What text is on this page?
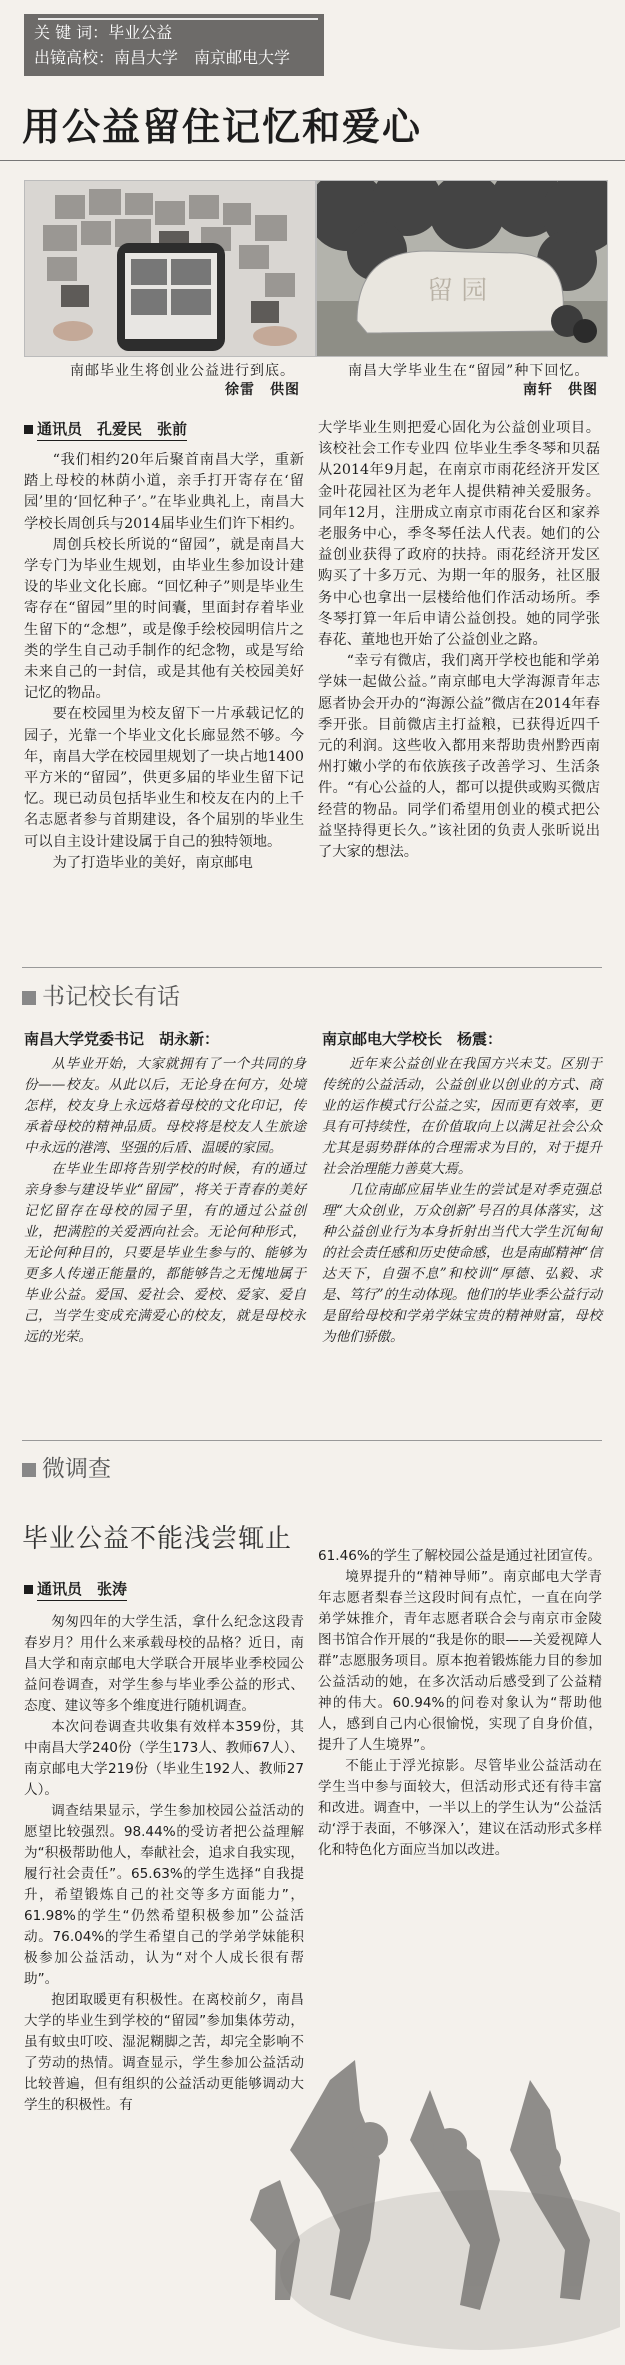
关 键 词：毕业公益
出镜高校：南昌大学　南京邮电大学
用公益留住记忆和爱心
留 园
南邮毕业生将创业公益进行到底。
徐雷　供图
南昌大学毕业生在“留园”种下回忆。
南轩　供图
通讯员　 孔爱民　张前

“我们相约20年后聚首南昌大学，重新踏上母校的林荫小道，亲手打开寄存在‘留园’里的‘回忆种子’。”在毕业典礼上，南昌大学校长周创兵与2014届毕业生们许下相约。

周创兵校长所说的“留园”，就是南昌大学专门为毕业生规划，由毕业生参加设计建设的毕业文化长廊。“回忆种子”则是毕业生寄存在“留园”里的时间囊，里面封存着毕业生留下的“念想”，或是像手绘校园明信片之类的学生自己动手制作的纪念物，或是写给未来自己的一封信，或是其他有关校园美好记忆的物品。

要在校园里为校友留下一片承载记忆的园子，光靠一个毕业文化长廊显然不够。今年，南昌大学在校园里规划了一块占地1400平方米的“留园”，供更多届的毕业生留下记忆。现已动员包括毕业生和校友在内的上千名志愿者参与首期建设，各个届别的毕业生可以自主设计建设属于自己的独特领地。

为了打造毕业的美好，南京邮电

大学毕业生则把爱心固化为公益创业项目。该校社会工作专业四 位毕业生季冬琴和贝磊从2014年9月起，在南京市雨花经济开发区金叶花园社区为老年人提供精神关爱服务。同年12月，注册成立南京市雨花台区和家养老服务中心，季冬琴任法人代表。她们的公益创业获得了政府的扶持。雨花经济开发区购买了十多万元、为期一年的服务，社区服务中心也拿出一层楼给他们作活动场所。季冬琴打算一年后申请公益创投。她的同学张春花、董地也开始了公益创业之路。

“幸亏有微店，我们离开学校也能和学弟学妹一起做公益。”南京邮电大学海源青年志愿者协会开办的“海源公益”微店在2014年春季开张。目前微店主打益粮，已获得近四千元的利润。这些收入都用来帮助贵州黔西南州打嫩小学的布依族孩子改善学习、生活条件。“有心公益的人，都可以提供或购买微店经营的物品。同学们希望用创业的模式把公益坚持得更长久。”该社团的负责人张昕说出了大家的想法。

书记校长有话
南昌大学党委书记　胡永新：

从毕业开始，大家就拥有了一个共同的身份——校友。从此以后，无论身在何方，处境怎样，校友身上永远烙着母校的文化印记，传承着母校的精神品质。母校将是校友人生旅途中永远的港湾、坚强的后盾、温暖的家园。

在毕业生即将告别学校的时候，有的通过亲身参与建设毕业“留园”，将关于青春的美好记忆留存在母校的园子里，有的通过公益创业，把满腔的关爱洒向社会。无论何种形式，无论何种目的，只要是毕业生参与的、能够为更多人传递正能量的，都能够告之无愧地属于毕业公益。爱国、爱社会、爱校、爱家、爱自己，当学生变成充满爱心的校友，就是母校永远的光荣。

南京邮电大学校长　杨震：

近年来公益创业在我国方兴未艾。区别于传统的公益活动，公益创业以创业的方式、商业的运作模式行公益之实，因而更有效率，更具有可持续性，在价值取向上以满足社会公众尤其是弱势群体的合理需求为目的，对于提升社会治理能力善莫大焉。

几位南邮应届毕业生的尝试是对季克强总理“大众创业，万众创新”号召的具体落实，这种公益创业行为本身折射出当代大学生沉甸甸的社会责任感和历史使命感，也是南邮精神“信达天下，自强不息”和校训“厚德、弘毅、求是、笃行”的生动体现。他们的毕业季公益行动是留给母校和学弟学妹宝贵的精神财富，母校为他们骄傲。

微调查
毕业公益不能浅尝辄止
通讯员　 张涛

匆匆四年的大学生活，拿什么纪念这段青春岁月？用什么来承载母校的品格？近日，南昌大学和南京邮电大学联合开展毕业季校园公益问卷调查，对学生参与毕业季公益的形式、态度、建议等多个维度进行随机调查。

本次问卷调查共收集有效样本359份，其中南昌大学240份（学生173人、教师67人）、南京邮电大学219份（毕业生192人、教师27人）。

调查结果显示，学生参加校园公益活动的愿望比较强烈。98.44%的受访者把公益理解为“积极帮助他人，奉献社会，追求自我实现，履行社会责任”。65.63%的学生选择“自我提升，希望锻炼自己的社交等多方面能力”，61.98%的学生“仍然希望积极参加”公益活动。76.04%的学生希望自己的学弟学妹能积极参加公益活动，认为“对个人成长很有帮助”。

抱团取暖更有积极性。在离校前夕，南昌大学的毕业生到学校的“留园”参加集体劳动，虽有蚊虫叮咬、湿泥糊脚之苦，却完全影响不了劳动的热情。调查显示，学生参加公益活动比较普遍，但有组织的公益活动更能够调动大学生的积极性。有

61.46%的学生了解校园公益是通过社团宣传。

境界提升的“精神导师”。南京邮电大学青年志愿者梨春兰这段时间有点忙，一直在向学弟学妹推介，青年志愿者联合会与南京市金陵图书馆合作开展的“我是你的眼——关爱视障人群”志愿服务项目。原本抱着锻炼能力目的参加公益活动的她，在多次活动后感受到了公益精神的伟大。60.94%的问卷对象认为“帮助他人，感到自己内心很愉悦，实现了自身价值，提升了人生境界”。

不能止于浮光掠影。尽管毕业公益活动在学生当中参与面较大，但活动形式还有待丰富和改进。调查中，一半以上的学生认为“公益活动‘浮于表面，不够深入’，建议在活动形式多样化和特色化方面应当加以改进。
